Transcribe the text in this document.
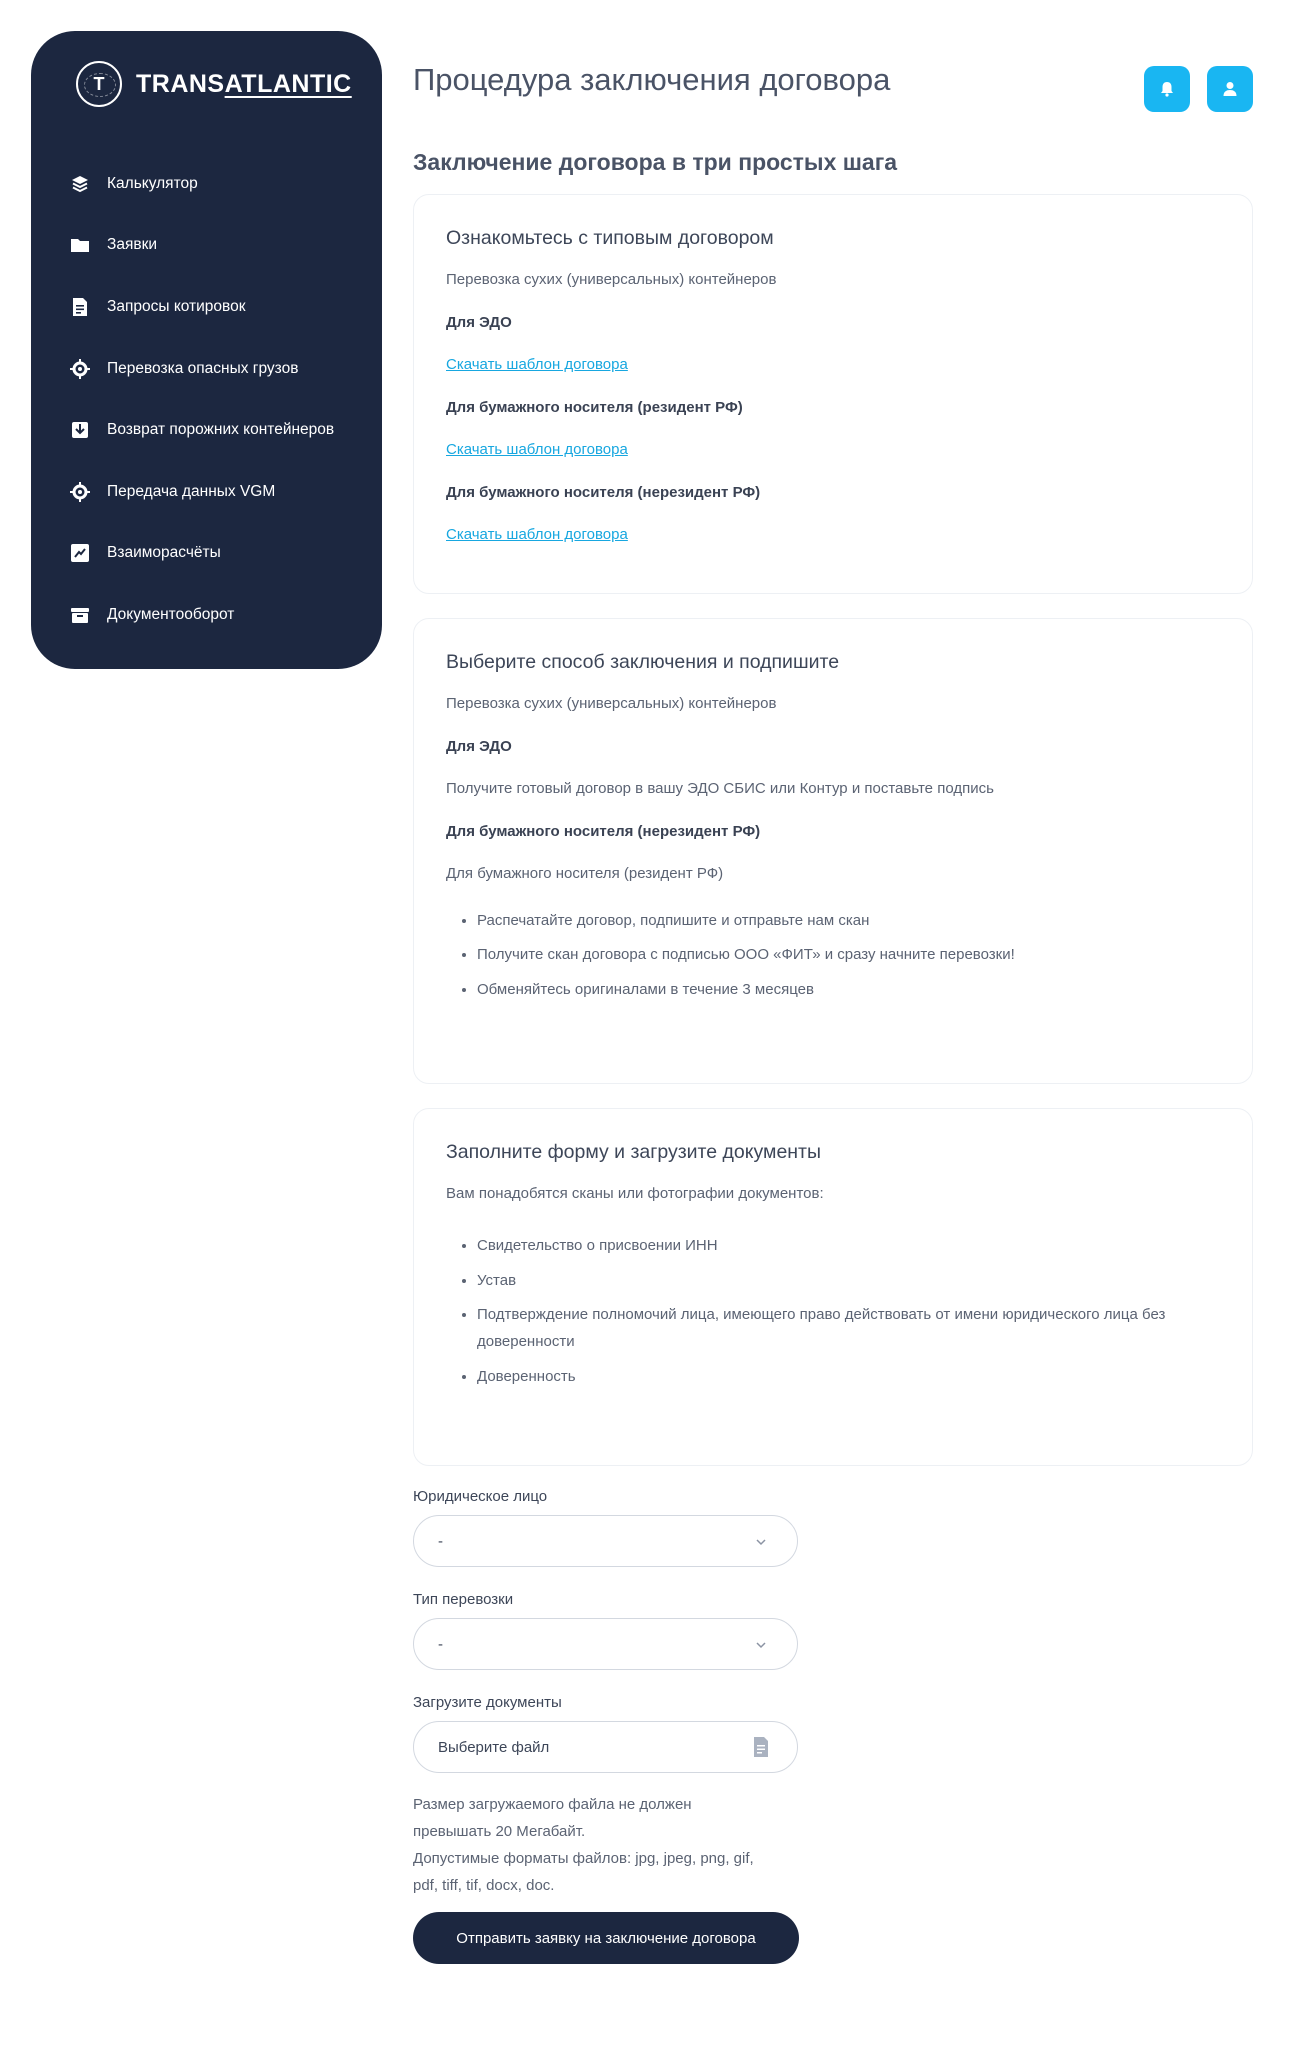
T TRANSATLANTIC
Калькулятор
Заявки
Запросы котировок
Перевозка опасных грузов
Возврат порожних контейнеров
Передача данных VGM
Взаиморасчёты
Документооборот
Процедура заключения договора
Заключение договора в три простых шага
Ознакомьтесь с типовым договором
Перевозка сухих (универсальных) контейнеров
Для ЭДО
Скачать шаблон договора
Для бумажного носителя (резидент РФ)
Скачать шаблон договора
Для бумажного носителя (нерезидент РФ)
Скачать шаблон договора
Выберите способ заключения и подпишите
Перевозка сухих (универсальных) контейнеров
Для ЭДО
Получите готовый договор в вашу ЭДО СБИС или Контур и поставьте подпись
Для бумажного носителя (нерезидент РФ)
Для бумажного носителя (резидент РФ)
Распечатайте договор, подпишите и отправьте нам скан
Получите скан договора с подписью ООО «ФИТ» и сразу начните перевозки!
Обменяйтесь оригиналами в течение 3 месяцев
Заполните форму и загрузите документы
Вам понадобятся сканы или фотографии документов:
Свидетельство о присвоении ИНН
Устав
Подтверждение полномочий лица, имеющего право действовать от имени юридического лица без доверенности
Доверенность
Юридическое лицо
-
Тип перевозки
-
Загрузите документы
Выберите файл
Размер загружаемого файла не должен
превышать 20 Мегабайт.
Допустимые форматы файлов: jpg, jpeg, png, gif,
pdf, tiff, tif, docx, doc.
Отправить заявку на заключение договора
